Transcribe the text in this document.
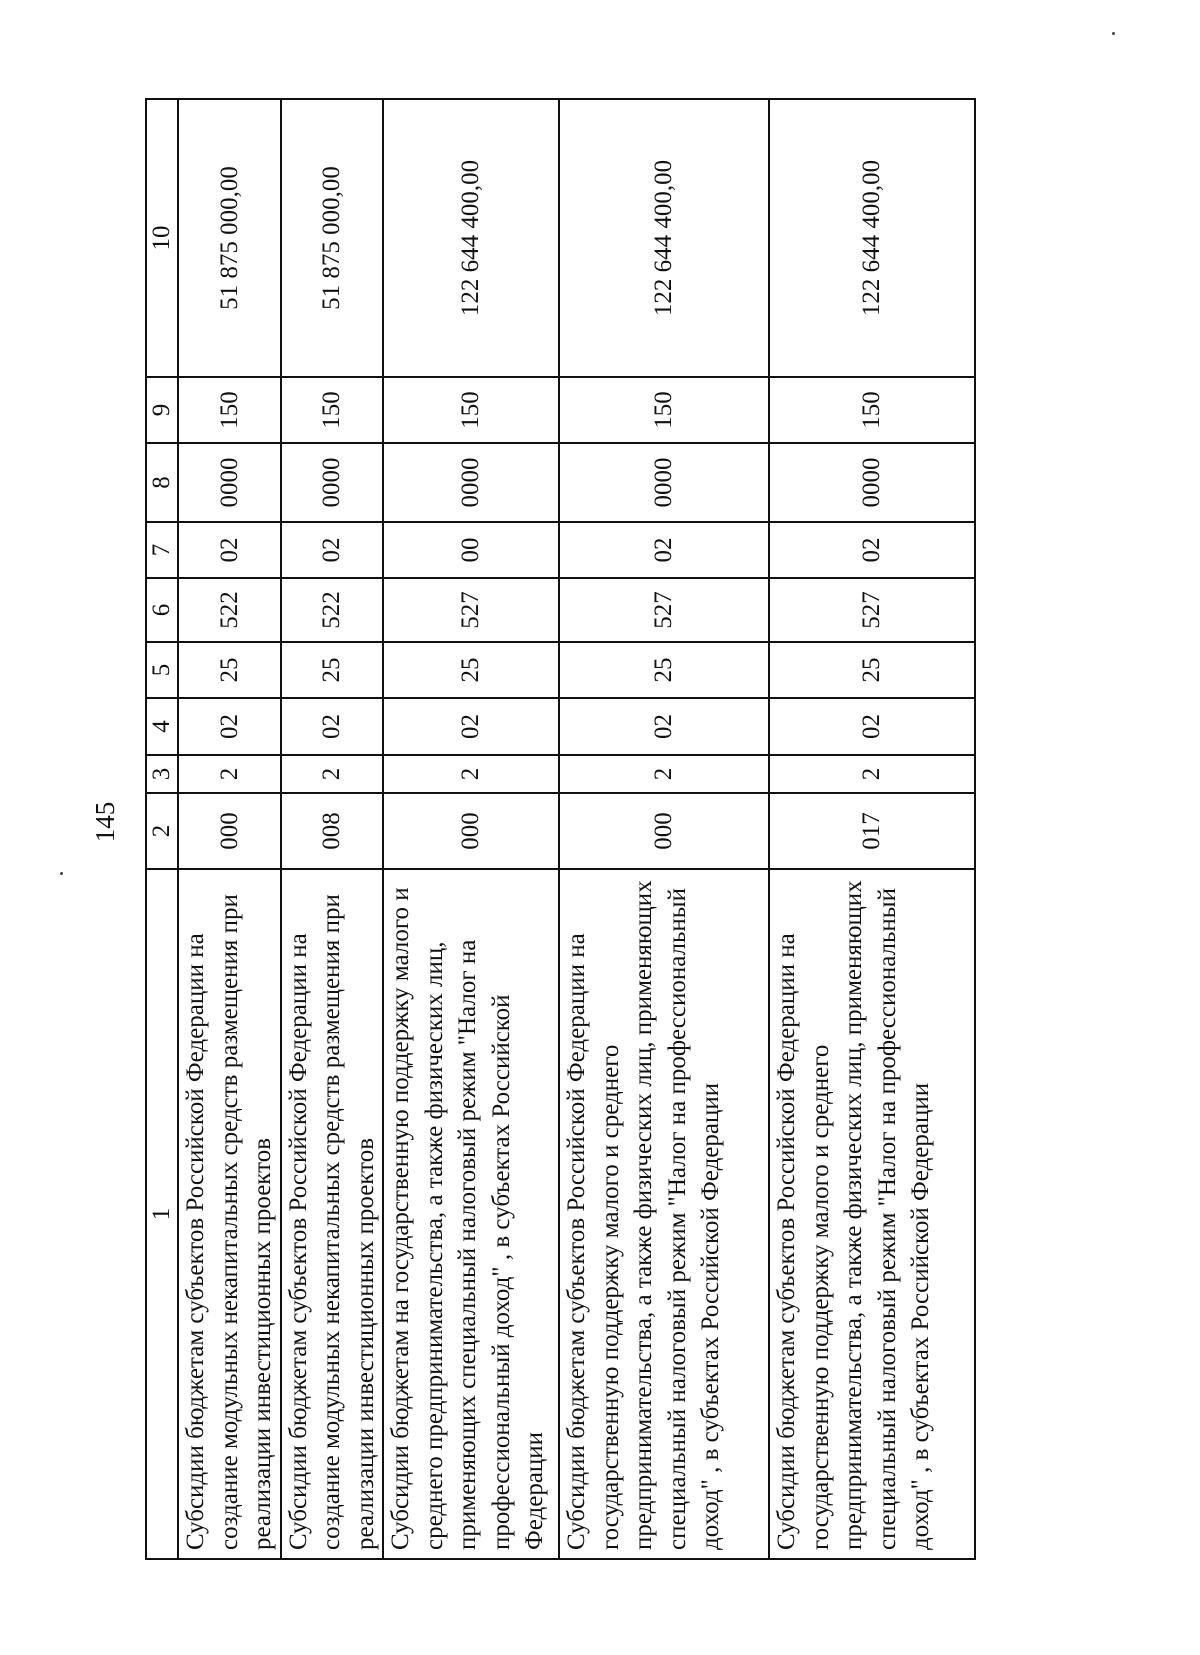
145
1	2	3	4	5	6	7	8	9	10
Субсидии бюджетам субъектов Российской Федерации на создание модульных некапитальных средств размещения при реализации инвестиционных проектов	000	2	02	25	522	02	0000	150	51 875 000,00
Субсидии бюджетам субъектов Российской Федерации на создание модульных некапитальных средств размещения при реализации инвестиционных проектов	008	2	02	25	522	02	0000	150	51 875 000,00
Субсидии бюджетам на государственную поддержку малого и среднего предпринимательства, а также физических лиц, применяющих специальный налоговый режим "Налог на профессиональный доход" , в субъектах Российской Федерации	000	2	02	25	527	00	0000	150	122 644 400,00
Субсидии бюджетам субъектов Российской Федерации на государственную поддержку малого и среднего предпринимательства, а также физических лиц, применяющих специальный налоговый режим "Налог на профессиональный доход" , в субъектах Российской Федерации	000	2	02	25	527	02	0000	150	122 644 400,00
Субсидии бюджетам субъектов Российской Федерации на государственную поддержку малого и среднего предпринимательства, а также физических лиц, применяющих специальный налоговый режим "Налог на профессиональный доход" , в субъектах Российской Федерации	017	2	02	25	527	02	0000	150	122 644 400,00
